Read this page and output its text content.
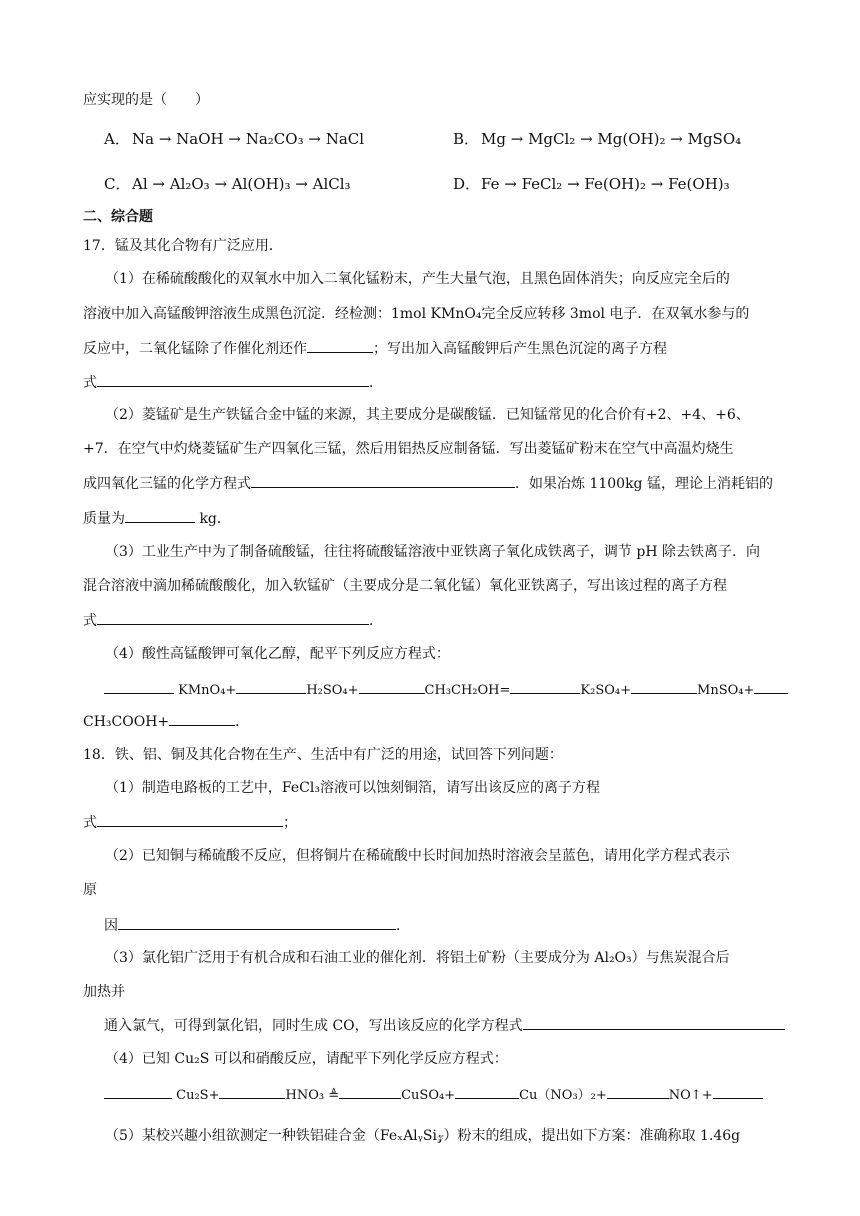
应实现的是（　　）
A． Na → NaOH → Na₂CO₃ → NaCl	B． Mg → MgCl₂ → Mg(OH)₂ → MgSO₄
C． Al → Al₂O₃ → Al(OH)₃ → AlCl₃	D．Fe → FeCl₂ → Fe(OH)₂ → Fe(OH)₃
二、综合题
17．锰及其化合物有广泛应用．
（1）在稀硫酸酸化的双氧水中加入二氧化锰粉末，产生大量气泡，且黑色固体消失；向反应完全后的
溶液中加入高锰酸钾溶液生成黑色沉淀．经检测：1mol KMnO₄完全反应转移 3mol 电子．在双氧水参与的
反应中，二氧化锰除了作催化剂还作	；写出加入高锰酸钾后产生黑色沉淀的离子方程
式	．
（2）菱锰矿是生产铁锰合金中锰的来源，其主要成分是碳酸锰．已知锰常见的化合价有+2、+4、+6、
+7．在空气中灼烧菱锰矿生产四氧化三锰，然后用铝热反应制备锰．写出菱锰矿粉末在空气中高温灼烧生
成四氧化三锰的化学方程式	．如果冶炼 1100kg 锰，理论上消耗铝的
质量为	kg．
（3）工业生产中为了制备硫酸锰，往往将硫酸锰溶液中亚铁离子氧化成铁离子，调节 pH 除去铁离子．向
混合溶液中滴加稀硫酸酸化，加入软锰矿（主要成分是二氧化锰）氧化亚铁离子，写出该过程的离子方程
式	．
（4）酸性高锰酸钾可氧化乙醇，配平下列反应方程式：
KMnO₄+	H₂SO₄+	CH₃CH₂OH=	K₂SO₄+	MnSO₄+
CH₃COOH+	．
18．铁、铝、铜及其化合物在生产、生活中有广泛的用途，试回答下列问题：
（1）制造电路板的工艺中，FeCl₃溶液可以蚀刻铜箔，请写出该反应的离子方程
式	；
（2）已知铜与稀硫酸不反应，但将铜片在稀硫酸中长时间加热时溶液会呈蓝色，请用化学方程式表示
原
因	．
（3）氯化铝广泛用于有机合成和石油工业的催化剂．将铝土矿粉（主要成分为 Al₂O₃）与焦炭混合后
加热并
通入氯气，可得到氯化铝，同时生成 CO，写出该反应的化学方程式
（4）已知 Cu₂S 可以和硝酸反应，请配平下列化学反应方程式：
Cu₂S+	HNO₃ ≜	CuSO₄+	Cu（NO₃）₂+	NO↑+
（5）某校兴趣小组欲测定一种铁铝硅合金（FeₓAlᵧSi𝓏）粉末的组成，提出如下方案：准确称取 1.46g
